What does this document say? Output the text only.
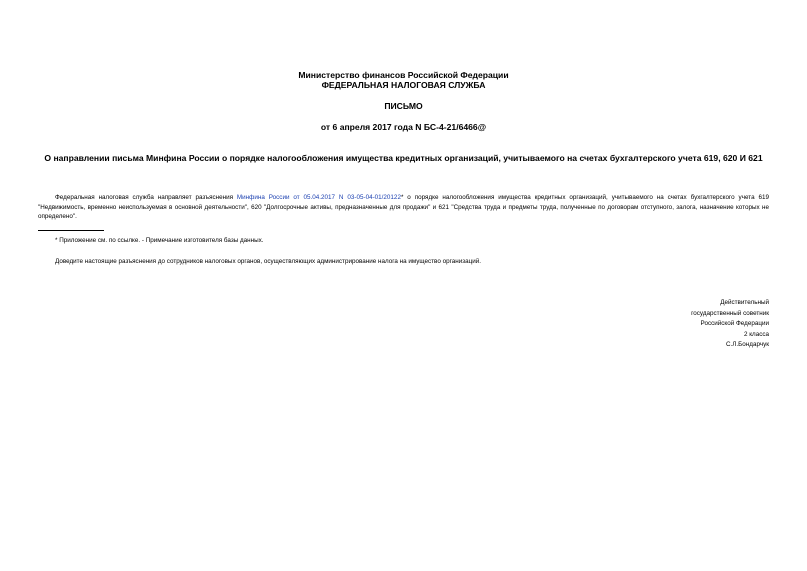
Министерство финансов Российской Федерации
ФЕДЕРАЛЬНАЯ НАЛОГОВАЯ СЛУЖБА
ПИСЬМО
от 6 апреля 2017 года N БС-4-21/6466@
О направлении письма Минфина России о порядке налогообложения имущества кредитных организаций, учитываемого на счетах бухгалтерского учета 619, 620 И 621
Федеральная налоговая служба направляет разъяснения Минфина России от 05.04.2017 N 03-05-04-01/20122* о порядке налогообложения имущества кредитных организаций, учитываемого на счетах бухгалтерского учета 619 "Недвижимость, временно неиспользуемая в основной деятельности", 620 "Долгосрочные активы, предназначенные для продажи" и 621 "Средства труда и предметы труда, полученные по договорам отступного, залога, назначение которых не определено".
* Приложение см. по ссылке. - Примечание изготовителя базы данных.
Доведите настоящие разъяснения до сотрудников налоговых органов, осуществляющих администрирование налога на имущество организаций.
Действительный
государственный советник
Российской Федерации
2 класса
С.Л.Бондарчук
